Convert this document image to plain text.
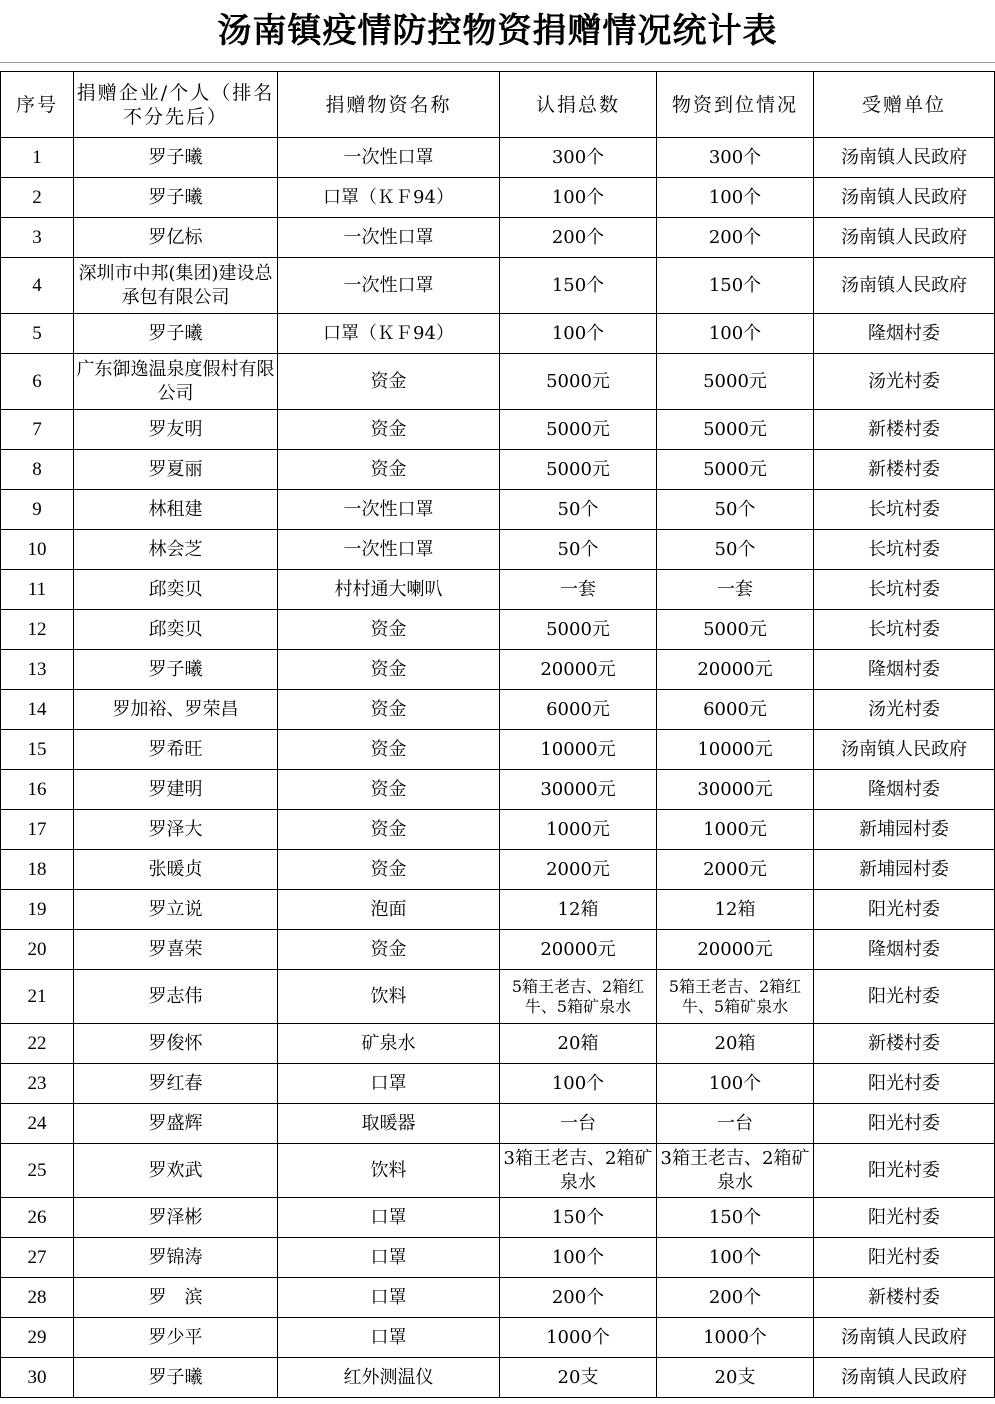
汤南镇疫情防控物资捐赠情况统计表
序号	捐赠企业/个人（排名不分先后）	捐赠物资名称	认捐总数	物资到位情况	受赠单位
1	罗子曦	一次性口罩	300个	300个	汤南镇人民政府
2	罗子曦	口罩（ＫＦ94）	100个	100个	汤南镇人民政府
3	罗亿标	一次性口罩	200个	200个	汤南镇人民政府
4	深圳市中邦(集团)建设总承包有限公司	一次性口罩	150个	150个	汤南镇人民政府
5	罗子曦	口罩（ＫＦ94）	100个	100个	隆烟村委
6	广东御逸温泉度假村有限公司	资金	5000元	5000元	汤光村委
7	罗友明	资金	5000元	5000元	新楼村委
8	罗夏丽	资金	5000元	5000元	新楼村委
9	林租建	一次性口罩	50个	50个	长坑村委
10	林会芝	一次性口罩	50个	50个	长坑村委
11	邱奕贝	村村通大喇叭	一套	一套	长坑村委
12	邱奕贝	资金	5000元	5000元	长坑村委
13	罗子曦	资金	20000元	20000元	隆烟村委
14	罗加裕、罗荣昌	资金	6000元	6000元	汤光村委
15	罗希旺	资金	10000元	10000元	汤南镇人民政府
16	罗建明	资金	30000元	30000元	隆烟村委
17	罗泽大	资金	1000元	1000元	新埔园村委
18	张暖贞	资金	2000元	2000元	新埔园村委
19	罗立说	泡面	12箱	12箱	阳光村委
20	罗喜荣	资金	20000元	20000元	隆烟村委
21	罗志伟	饮料	5箱王老吉、2箱红牛、5箱矿泉水	5箱王老吉、2箱红牛、5箱矿泉水	阳光村委
22	罗俊怀	矿泉水	20箱	20箱	新楼村委
23	罗红春	口罩	100个	100个	阳光村委
24	罗盛辉	取暖器	一台	一台	阳光村委
25	罗欢武	饮料	3箱王老吉、2箱矿泉水	3箱王老吉、2箱矿泉水	阳光村委
26	罗泽彬	口罩	150个	150个	阳光村委
27	罗锦涛	口罩	100个	100个	阳光村委
28	罗　滨	口罩	200个	200个	新楼村委
29	罗少平	口罩	1000个	1000个	汤南镇人民政府
30	罗子曦	红外测温仪	20支	20支	汤南镇人民政府
